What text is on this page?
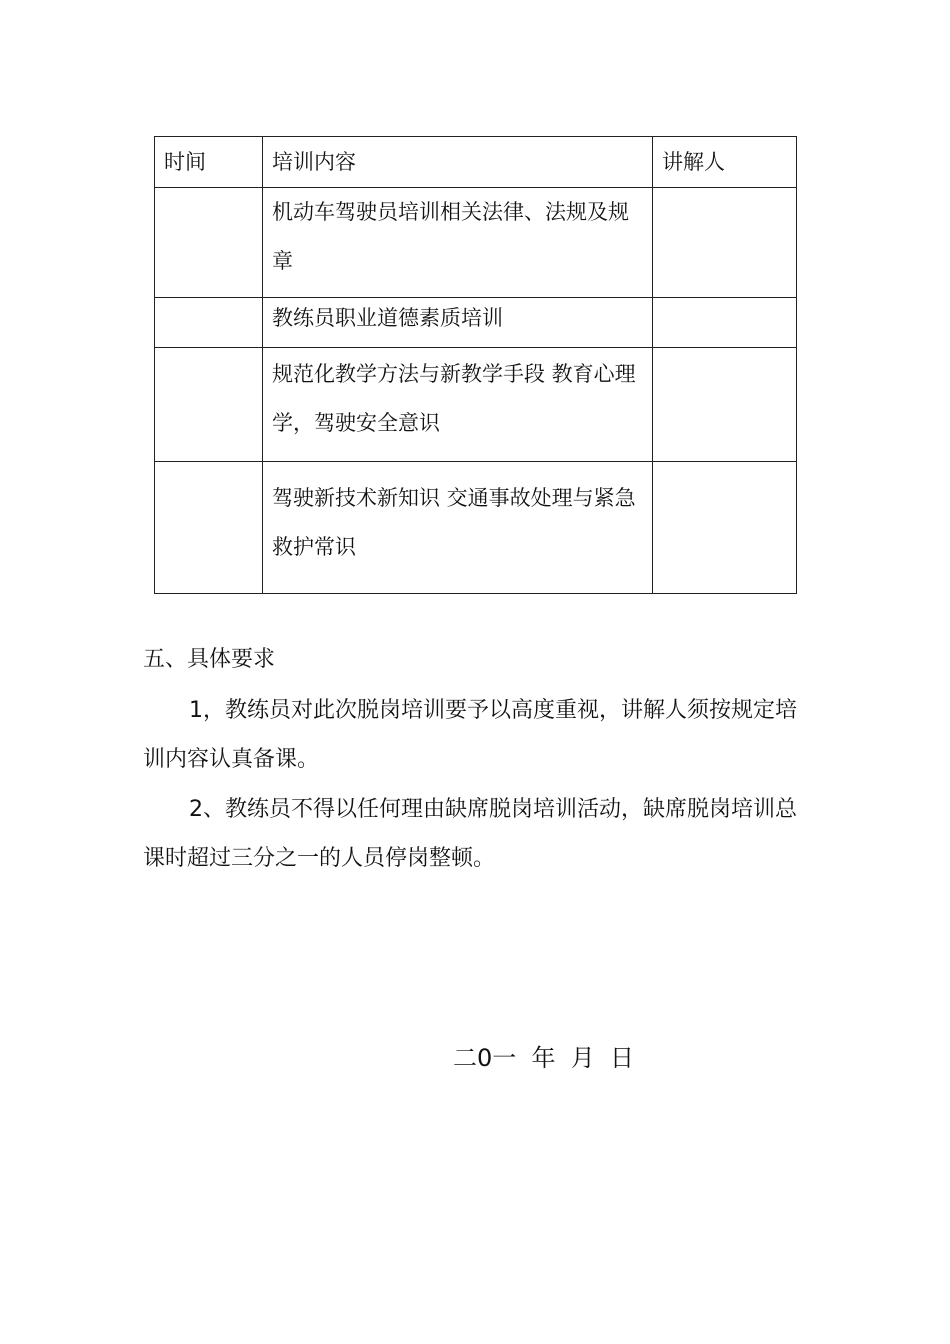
时间	培训内容	讲解人
	机动车驾驶员培训相关法律、法规及规章	
	教练员职业道德素质培训	
	规范化教学方法与新教学手段 教育心理学，驾驶安全意识	
	驾驶新技术新知识 交通事故处理与紧急救护常识	

五、具体要求

1，教练员对此次脱岗培训要予以高度重视，讲解人须按规定培训内容认真备课。

2、教练员不得以任何理由缺席脱岗培训活动，缺席脱岗培训总课时超过三分之一的人员停岗整顿。

二0一  年  月  日
